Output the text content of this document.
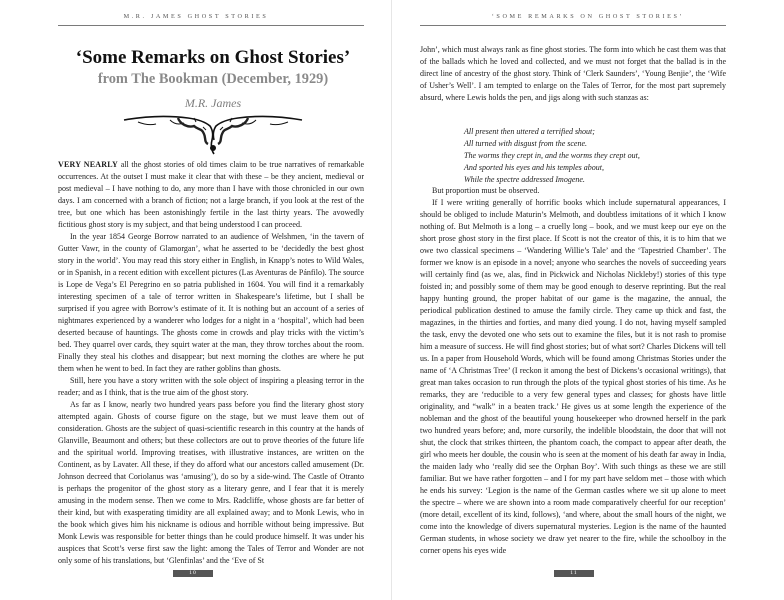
M.R. JAMES GHOST STORIES
‘Some Remarks on Ghost Stories’
from The Bookman (December, 1929)
M.R. James

VERY NEARLY all the ghost stories of old times claim to be true narratives of remarkable occurrences. At the outset I must make it clear that with these – be they ancient, medieval or post medieval – I have nothing to do, any more than I have with those chronicled in our own days. I am concerned with a branch of fiction; not a large branch, if you look at the rest of the tree, but one which has been astonishingly fertile in the last thirty years. The avowedly fictitious ghost story is my subject, and that being understood I can proceed.

In the year 1854 George Borrow narrated to an audience of Welshmen, ‘in the tavern of Gutter Vawr, in the county of Glamorgan’, what he asserted to be ‘decidedly the best ghost story in the world’. You may read this story either in English, in Knapp’s notes to Wild Wales, or in Spanish, in a recent edition with excellent pictures (Las Aventuras de Pánfilo). The source is Lope de Vega’s El Peregrino en so patria published in 1604. You will find it a remarkably interesting specimen of a tale of terror written in Shakespeare’s lifetime, but I shall be surprised if you agree with Borrow’s estimate of it. It is nothing but an account of a series of nightmares experienced by a wanderer who lodges for a night in a ‘hospital’, which had been deserted because of hauntings. The ghosts come in crowds and play tricks with the victim’s bed. They quarrel over cards, they squirt water at the man, they throw torches about the room. Finally they steal his clothes and disappear; but next morning the clothes are where he put them when he went to bed. In fact they are rather goblins than ghosts.

Still, here you have a story written with the sole object of inspiring a pleasing terror in the reader; and as I think, that is the true aim of the ghost story.

As far as I know, nearly two hundred years pass before you find the literary ghost story attempted again. Ghosts of course figure on the stage, but we must leave them out of consideration. Ghosts are the subject of quasi-scientific research in this country at the hands of Glanville, Beaumont and others; but these collectors are out to prove theories of the future life and the spiritual world. Improving treatises, with illustrative instances, are written on the Continent, as by Lavater. All these, if they do afford what our ancestors called amusement (Dr. Johnson decreed that Coriolanus was ‘amusing’), do so by a side-wind. The Castle of Otranto is perhaps the progenitor of the ghost story as a literary genre, and I fear that it is merely amusing in the modern sense. Then we come to Mrs. Radcliffe, whose ghosts are far better of their kind, but with exasperating timidity are all explained away; and to Monk Lewis, who in the book which gives him his nickname is odious and horrible without being impressive. But Monk Lewis was responsible for better things than he could produce himself. It was under his auspices that Scott’s verse first saw the light: among the Tales of Terror and Wonder are not only some of his translations, but ‘Glenfinlas’ and the ‘Eve of St

10
‘SOME REMARKS ON GHOST STORIES’

John’, which must always rank as fine ghost stories. The form into which he cast them was that of the ballads which he loved and collected, and we must not forget that the ballad is in the direct line of ancestry of the ghost story. Think of ‘Clerk Saunders’, ‘Young Benjie’, the ‘Wife of Usher’s Well’. I am tempted to enlarge on the Tales of Terror, for the most part supremely absurd, where Lewis holds the pen, and jigs along with such stanzas as:

All present then uttered a terrified shout;
All turned with disgust from the scene.
The worms they crept in, and the worms they crept out,
And sported his eyes and his temples about,
While the spectre addressed Imogene.

But proportion must be observed.

If I were writing generally of horrific books which include supernatural appearances, I should be obliged to include Maturin’s Melmoth, and doubtless imitations of it which I know nothing of. But Melmoth is a long – a cruelly long – book, and we must keep our eye on the short prose ghost story in the first place. If Scott is not the creator of this, it is to him that we owe two classical specimens – ‘Wandering Willie’s Tale’ and the ‘Tapestried Chamber’. The former we know is an episode in a novel; anyone who searches the novels of succeeding years will certainly find (as we, alas, find in Pickwick and Nicholas Nickleby!) stories of this type foisted in; and possibly some of them may be good enough to deserve reprinting. But the real happy hunting ground, the proper habitat of our game is the magazine, the annual, the periodical publication destined to amuse the family circle. They came up thick and fast, the magazines, in the thirties and forties, and many died young. I do not, having myself sampled the task, envy the devoted one who sets out to examine the files, but it is not rash to promise him a measure of success. He will find ghost stories; but of what sort? Charles Dickens will tell us. In a paper from Household Words, which will be found among Christmas Stories under the name of ‘A Christmas Tree’ (I reckon it among the best of Dickens’s occasional writings), that great man takes occasion to run through the plots of the typical ghost stories of his time. As he remarks, they are ‘reducible to a very few general types and classes; for ghosts have little originality, and “walk” in a beaten track.’ He gives us at some length the experience of the nobleman and the ghost of the beautiful young housekeeper who drowned herself in the park two hundred years before; and, more cursorily, the indelible bloodstain, the door that will not shut, the clock that strikes thirteen, the phantom coach, the compact to appear after death, the girl who meets her double, the cousin who is seen at the moment of his death far away in India, the maiden lady who ‘really did see the Orphan Boy’. With such things as these we are still familiar. But we have rather forgotten – and I for my part have seldom met – those with which he ends his survey: ‘Legion is the name of the German castles where we sit up alone to meet the spectre – where we are shown into a room made comparatively cheerful for our reception’ (more detail, excellent of its kind, follows), ‘and where, about the small hours of the night, we come into the knowledge of divers supernatural mysteries. Legion is the name of the haunted German students, in whose society we draw yet nearer to the fire, while the schoolboy in the corner opens his eyes wide

11
